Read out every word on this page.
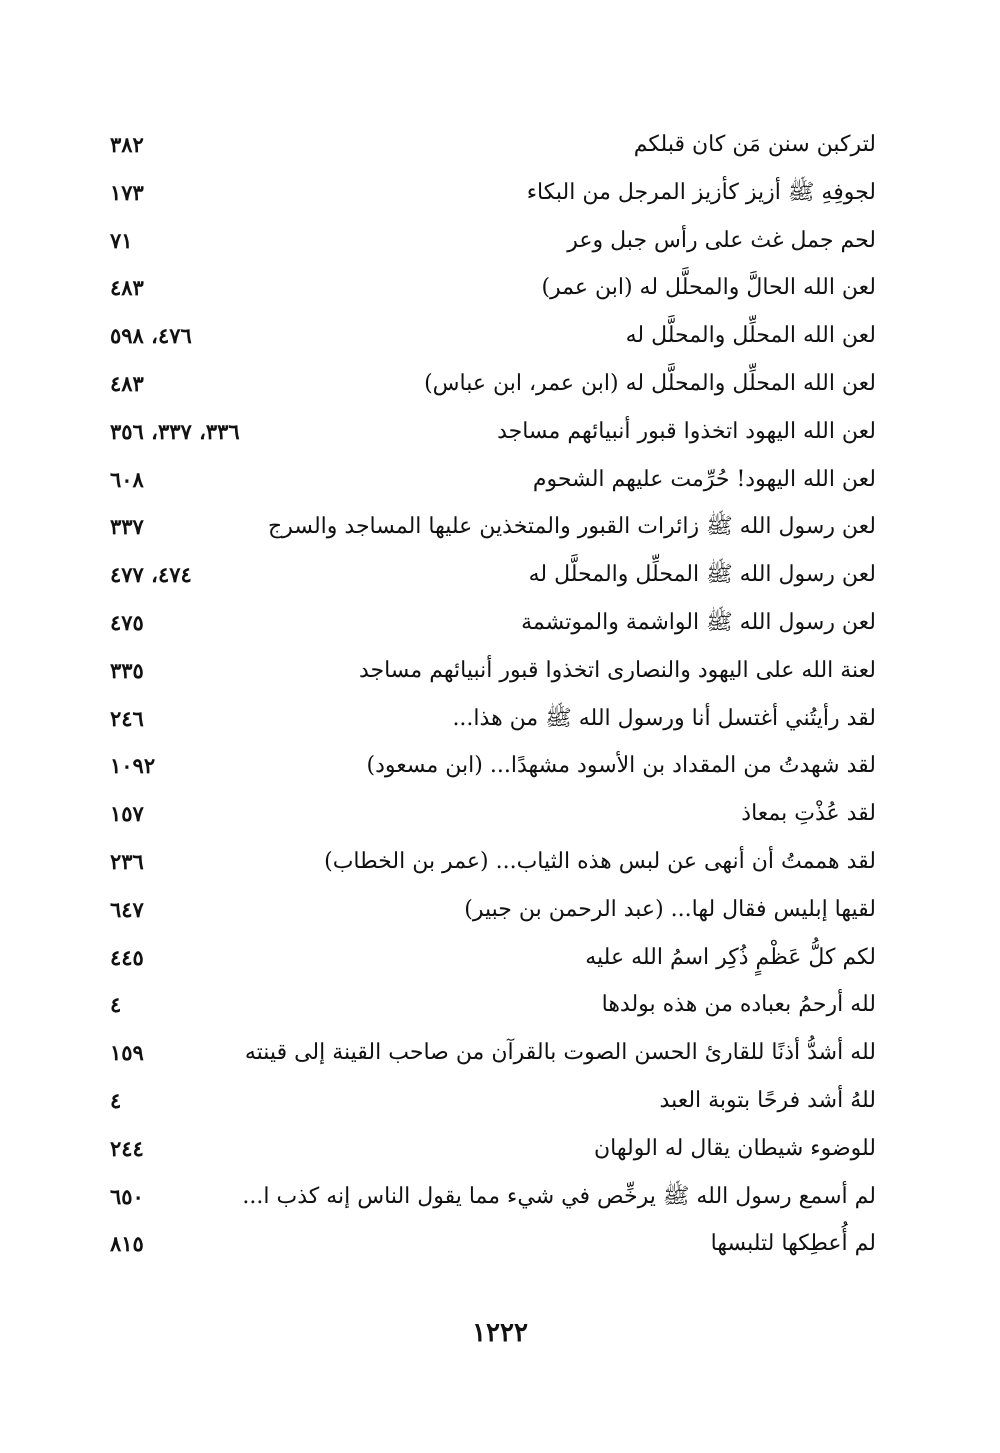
لتركبن سنن مَن كان قبلكم
٣٨٢
لجوفِهِ ﷺ أزيز كأزيز المرجل من البكاء
١٧٣
لحم جمل غث على رأس جبل وعر
٧١
لعن الله الحالَّ والمحلَّل له (ابن عمر)
٤٨٣
لعن الله المحلِّل والمحلَّل له
٤٧٦، ٥٩٨
لعن الله المحلِّل والمحلَّل له (ابن عمر، ابن عباس)
٤٨٣
لعن الله اليهود اتخذوا قبور أنبيائهم مساجد
٣٣٦، ٣٣٧، ٣٥٦
لعن الله اليهود! حُرِّمت عليهم الشحوم
٦٠٨
لعن رسول الله ﷺ زائرات القبور والمتخذين عليها المساجد والسرج
٣٣٧
لعن رسول الله ﷺ المحلِّل والمحلَّل له
٤٧٤، ٤٧٧
لعن رسول الله ﷺ الواشمة والموتشمة
٤٧٥
لعنة الله على اليهود والنصارى اتخذوا قبور أنبيائهم مساجد
٣٣٥
لقد رأيتُني أغتسل أنا ورسول الله ﷺ من هذا...
٢٤٦
لقد شهدتُ من المقداد بن الأسود مشهدًا... (ابن مسعود)
١٠٩٢
لقد عُذْتِ بمعاذ
١٥٧
لقد هممتُ أن أنهى عن لبس هذه الثياب... (عمر بن الخطاب)
٢٣٦
لقيها إبليس فقال لها... (عبد الرحمن بن جبير)
٦٤٧
لكم كلُّ عَظْمٍ ذُكِر اسمُ الله عليه
٤٤٥
لله أرحمُ بعباده من هذه بولدها
٤
لله أشدُّ أذنًا للقارئ الحسن الصوت بالقرآن من صاحب القينة إلى قينته
١٥٩
للهُ أشد فرحًا بتوبة العبد
٤
للوضوء شيطان يقال له الولهان
٢٤٤
لم أسمع رسول الله ﷺ يرخِّص في شيء مما يقول الناس إنه كذب ا...
٦٥٠
لم أُعطِكها لتلبسها
٨١٥
١٢٢٢
